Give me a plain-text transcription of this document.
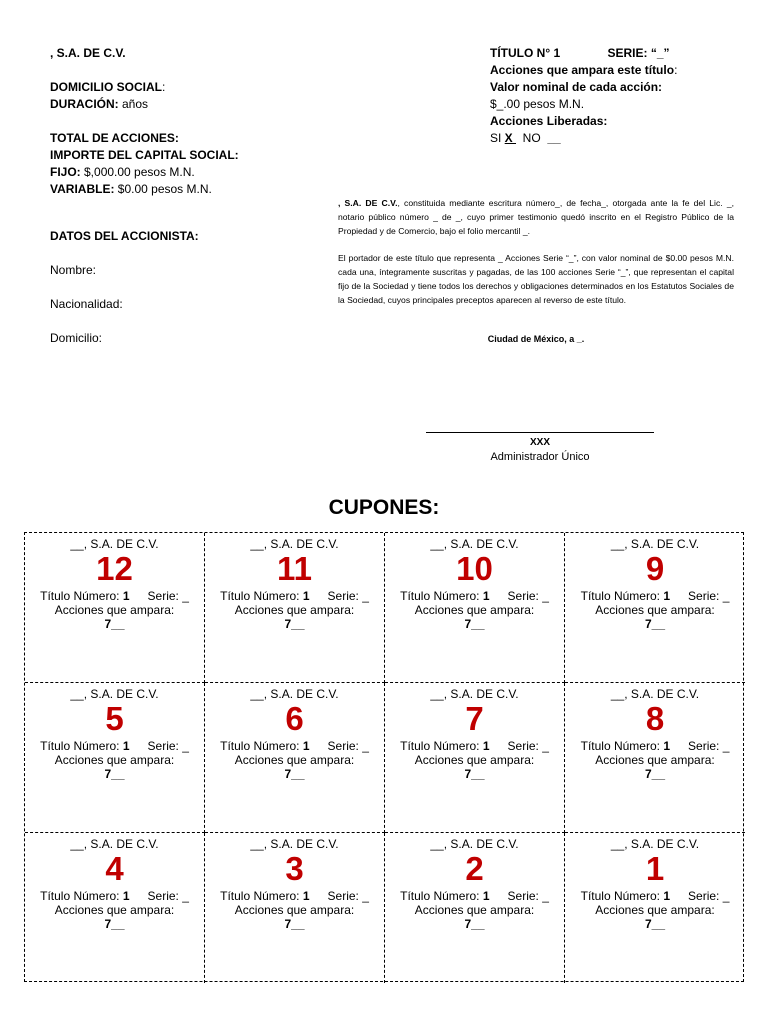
, S.A. DE C.V.
DOMICILIO SOCIAL:
DURACIÓN: años
TOTAL DE ACCIONES:
IMPORTE DEL CAPITAL SOCIAL:
FIJO: $,000.00 pesos M.N.
VARIABLE: $0.00 pesos M.N.
DATOS DEL ACCIONISTA:
Nombre:
Nacionalidad:
Domicilio:
TÍTULO N° 1	SERIE: “_”
Acciones que ampara este título:
Valor nominal de cada acción:
$_.00 pesos M.N.
Acciones Liberadas:
SI X   NO  __
, S.A. DE C.V., constituida mediante escritura número_, de fecha_, otorgada ante la fe del Lic. _, notario público número _ de _, cuyo primer testimonio quedó inscrito en el Registro Público de la Propiedad y de Comercio, bajo el folio mercantil _.
El portador de este título que representa _ Acciones Serie “_”, con valor nominal de $0.00 pesos M.N. cada una, íntegramente suscritas y pagadas, de las 100 acciones Serie “_”, que representan el capital fijo de la Sociedad y tiene todos los derechos y obligaciones determinados en los Estatutos Sociales de la Sociedad, cuyos principales preceptos aparecen al reverso de este título.
Ciudad de México, a _.
XXX
Administrador Único
CUPONES:
__, S.A. DE C.V.
12
Título Número: 1 Serie: _
Acciones que ampara:
7__
__, S.A. DE C.V.
11
Título Número: 1 Serie: _
Acciones que ampara:
7__
__, S.A. DE C.V.
10
Título Número: 1 Serie: _
Acciones que ampara:
7__
__, S.A. DE C.V.
9
Título Número: 1 Serie: _
Acciones que ampara:
7__
__, S.A. DE C.V.
5
Título Número: 1 Serie: _
Acciones que ampara:
7__
__, S.A. DE C.V.
6
Título Número: 1 Serie: _
Acciones que ampara:
7__
__, S.A. DE C.V.
7
Título Número: 1 Serie: _
Acciones que ampara:
7__
__, S.A. DE C.V.
8
Título Número: 1 Serie: _
Acciones que ampara:
7__
__, S.A. DE C.V.
4
Título Número: 1 Serie: _
Acciones que ampara:
7__
__, S.A. DE C.V.
3
Título Número: 1 Serie: _
Acciones que ampara:
7__
__, S.A. DE C.V.
2
Título Número: 1 Serie: _
Acciones que ampara:
7__
__, S.A. DE C.V.
1
Título Número: 1 Serie: _
Acciones que ampara:
7__
